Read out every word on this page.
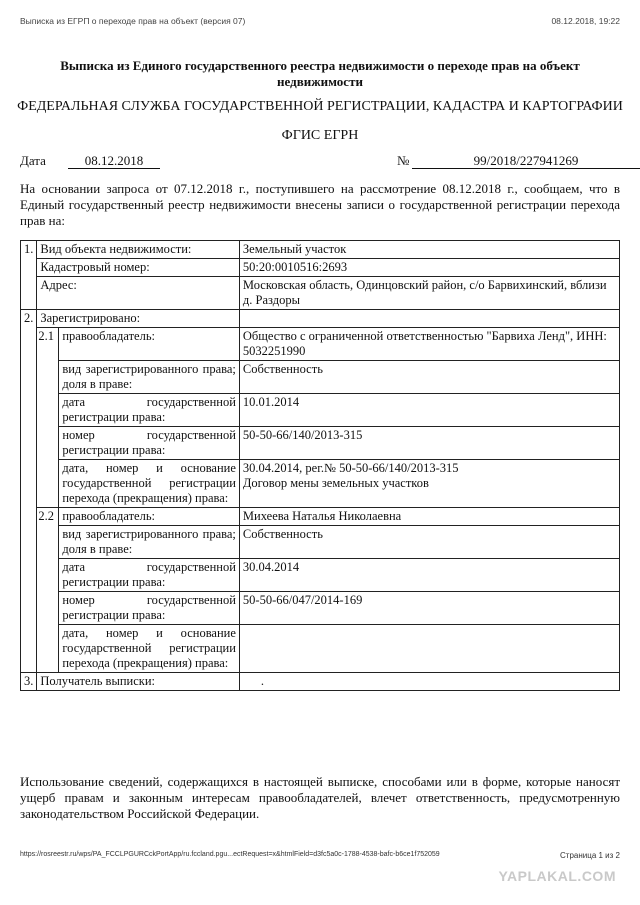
Выписка из ЕГРП о переходе прав на объект (версия 07)	08.12.2018, 19:22
Выписка из Единого государственного реестра недвижимости о переходе прав на объект недвижимости
ФЕДЕРАЛЬНАЯ СЛУЖБА ГОСУДАРСТВЕННОЙ РЕГИСТРАЦИИ, КАДАСТРА И КАРТОГРАФИИ
ФГИС ЕГРН
Дата	08.12.2018	№	99/2018/227941269
На основании запроса от 07.12.2018 г., поступившего на рассмотрение 08.12.2018 г., сообщаем, что в Единый государственный реестр недвижимости внесены записи о государственной регистрации перехода прав на:
1.	Вид объекта недвижимости:		Земельный участок
	Кадастровый номер:		50:20:0010516:2693
	Адрес:		Московская область, Одинцовский район, с/о Барвихинский, вблизи д. Раздоры
2.	Зарегистрировано:		
	2.1	правообладатель:	Общество с ограниченной ответственностью "Барвиха Ленд", ИНН: 5032251990
		вид зарегистрированного права; доля в праве:	Собственность
		дата государственной регистрации права:	10.01.2014
		номер государственной регистрации права:	50-50-66/140/2013-315
		дата, номер и основание государственной регистрации перехода (прекращения) права:	30.04.2014, рег.№ 50-50-66/140/2013-315
Договор мены земельных участков

	2.2	правообладатель:	Михеева Наталья Николаевна
		вид зарегистрированного права; доля в праве:	Собственность
		дата государственной регистрации права:	30.04.2014
		номер государственной регистрации права:	50-50-66/047/2014-169
		дата, номер и основание государственной регистрации перехода (прекращения) права:	

3.	Получатель выписки:		.
Использование сведений, содержащихся в настоящей выписке, способами или в форме, которые наносят ущерб правам и законным интересам правообладателей, влечет ответственность, предусмотренную законодательством Российской Федерации.
https://rosreestr.ru/wps/PA_FCCLPGURCckPortApp/ru.fccland.pgu...ectRequest=x&htmlField=d3fc5a0c-1788-4538-bafc-b6ce1f752059	Страница 1 из 2
YAPLAKAL.COM
